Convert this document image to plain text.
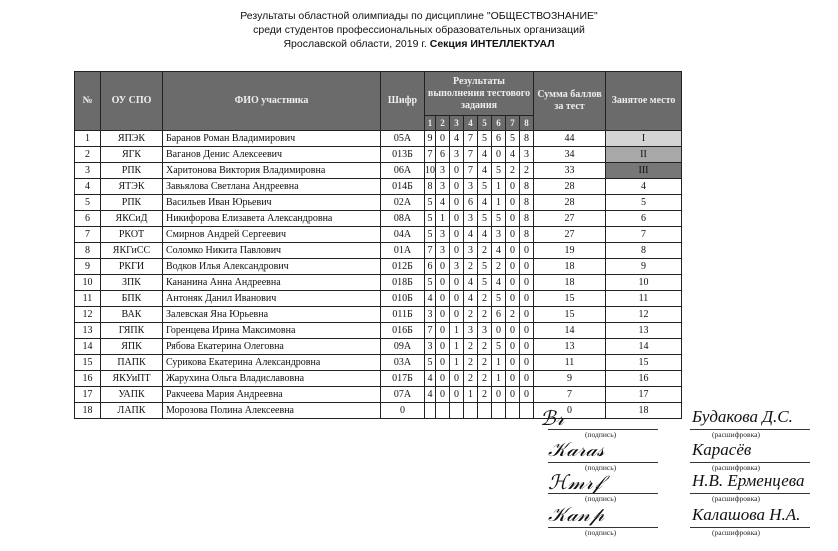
Результаты областной олимпиады по дисциплине "ОБЩЕСТВОЗНАНИЕ"
среди студентов профессиональных образовательных организаций
Ярославской области, 2019 г. Секция ИНТЕЛЛЕКТУАЛ
№	ОУ СПО	ФИО участника	Шифр	Результаты выполнения тестового задания								Сумма баллов за тест	Занятое место
				1	2	3	4	5	6	7	8		
1	ЯПЭК	Баранов Роман Владимирович	05А	9	0	4	7	5	6	5	8	44	I
2	ЯГК	Ваганов Денис Алексеевич	013Б	7	6	3	7	4	0	4	3	34	II
3	РПК	Харитонова Виктория Владимировна	06А	10	3	0	7	4	5	2	2	33	III
4	ЯТЭК	Завьялова Светлана Андреевна	014Б	8	3	0	3	5	1	0	8	28	4
5	РПК	Васильев Иван Юрьевич	02А	5	4	0	6	4	1	0	8	28	5
6	ЯКСиД	Никифорова Елизавета Александровна	08А	5	1	0	3	5	5	0	8	27	6
7	РКОТ	Смирнов Андрей Сергеевич	04А	5	3	0	4	4	3	0	8	27	7
8	ЯКГиСС	Соломко Никита Павлович	01А	7	3	0	3	2	4	0	0	19	8
9	РКГИ	Водков Илья Александрович	012Б	6	0	3	2	5	2	0	0	18	9
10	ЗПК	Кананина Анна Андреевна	018Б	5	0	0	4	5	4	0	0	18	10
11	БПК	Антоняк Данил Иванович	010Б	4	0	0	4	2	5	0	0	15	11
12	ВАК	Залевская Яна Юрьевна	011Б	3	0	0	2	2	6	2	0	15	12
13	ГЯПК	Горенцева Ирина Максимовна	016Б	7	0	1	3	3	0	0	0	14	13
14	ЯПК	Рябова Екатерина Олеговна	09А	3	0	1	2	2	5	0	0	13	14
15	ПАПК	Сурикова Екатерина Александровна	03А	5	0	1	2	2	1	0	0	11	15
16	ЯКУиПТ	Жарухина Ольга Владиславовна	017Б	4	0	0	2	2	1	0	0	9	16
17	УАПК	Ракчеева Мария Андреевна	07А	4	0	0	1	2	0	0	0	7	17
18	ЛАПК	Морозова Полина Алексеевна	0									0	18
ℬ𝓇
(подпись)
Будакова Д.С.
(расшифровка)
𝒦𝒶𝓇𝒶𝓈
(подпись)
Карасёв
(расшифровка)
ℋ𝓂𝓇𝒻
(подпись)
Н.В. Ерменцева
(расшифровка)
𝒦𝒶𝓃𝓅
(подпись)
Калашова Н.А.
(расшифровка)
